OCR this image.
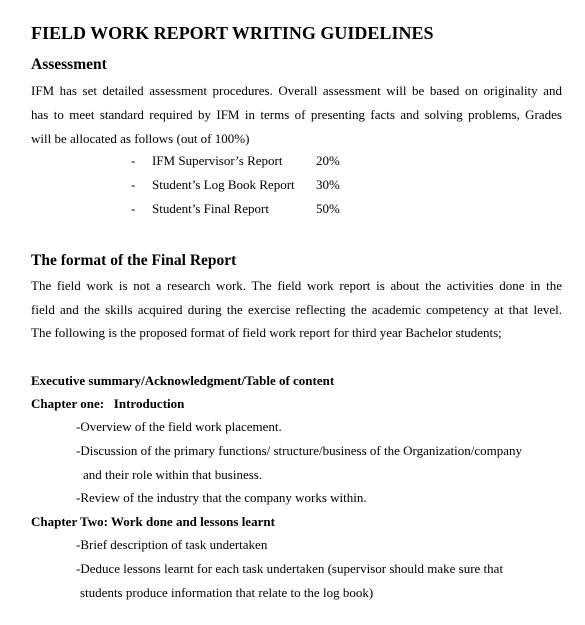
FIELD WORK REPORT WRITING GUIDELINES
Assessment
IFM has set detailed assessment procedures. Overall assessment will be based on originality and
has to meet standard required by IFM in terms of presenting facts and solving problems, Grades
will be allocated as follows (out of 100%)
- IFM Supervisor’s Report	20%
- Student’s Log Book Report 30%
- Student’s Final Report	50%
The format of the Final Report
The field work is not a research work. The field work report is about the activities done in the
field and the skills acquired during the exercise reflecting the academic competency at that level.
The following is the proposed format of field work report for third year Bachelor students;
Executive summary/Acknowledgment/Table of content
Chapter one:   Introduction
-Overview of the field work placement.
-Discussion of the primary functions/ structure/business of the Organization/company
and their role within that business.
-Review of the industry that the company works within.
Chapter Two: Work done and lessons learnt
-Brief description of task undertaken
-Deduce lessons learnt for each task undertaken (supervisor should make sure that
students produce information that relate to the log book)
